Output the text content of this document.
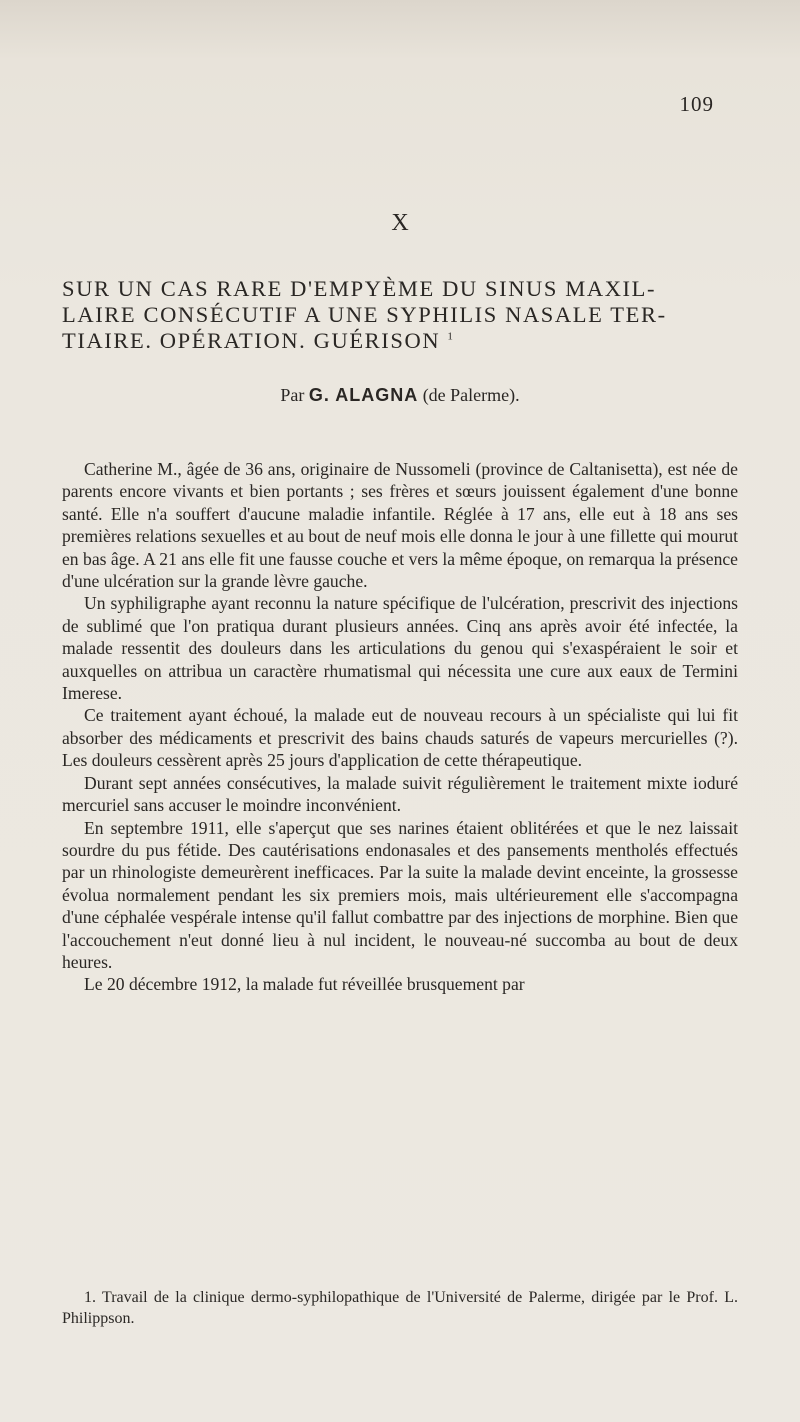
109
X
SUR UN CAS RARE D'EMPYÈME DU SINUS MAXIL-
LAIRE CONSÉCUTIF A UNE SYPHILIS NASALE TER-
TIAIRE. OPÉRATION. GUÉRISON $^1$
Par G. ALAGNA (de Palerme).

Catherine M., âgée de 36 ans, originaire de Nussomeli (province de Caltanisetta), est née de parents encore vivants et bien portants ; ses frères et sœurs jouissent également d'une bonne santé. Elle n'a souffert d'aucune maladie infantile. Réglée à 17 ans, elle eut à 18 ans ses premières relations sexuelles et au bout de neuf mois elle donna le jour à une fillette qui mourut en bas âge. A 21 ans elle fit une fausse couche et vers la même époque, on remarqua la présence d'une ulcération sur la grande lèvre gauche.

Un syphiligraphe ayant reconnu la nature spécifique de l'ulcération, prescrivit des injections de sublimé que l'on pratiqua durant plusieurs années. Cinq ans après avoir été infectée, la malade ressentit des douleurs dans les articulations du genou qui s'exaspéraient le soir et auxquelles on attribua un caractère rhumatismal qui nécessita une cure aux eaux de Termini Imerese.

Ce traitement ayant échoué, la malade eut de nouveau recours à un spécialiste qui lui fit absorber des médicaments et prescrivit des bains chauds saturés de vapeurs mercurielles (?). Les douleurs cessèrent après 25 jours d'application de cette thérapeutique.

Durant sept années consécutives, la malade suivit régulièrement le traitement mixte ioduré mercuriel sans accuser le moindre inconvénient.

En septembre 1911, elle s'aperçut que ses narines étaient oblitérées et que le nez laissait sourdre du pus fétide. Des cautérisations endonasales et des pansements mentholés effectués par un rhinologiste demeurèrent inefficaces. Par la suite la malade devint enceinte, la grossesse évolua normalement pendant les six premiers mois, mais ultérieurement elle s'accompagna d'une céphalée vespérale intense qu'il fallut combattre par des injections de morphine. Bien que l'accouchement n'eut donné lieu à nul incident, le nouveau-né succomba au bout de deux heures.

Le 20 décembre 1912, la malade fut réveillée brusquement par

1. Travail de la clinique dermo-syphilopathique de l'Université de Palerme, dirigée par le Prof. L. Philippson.
